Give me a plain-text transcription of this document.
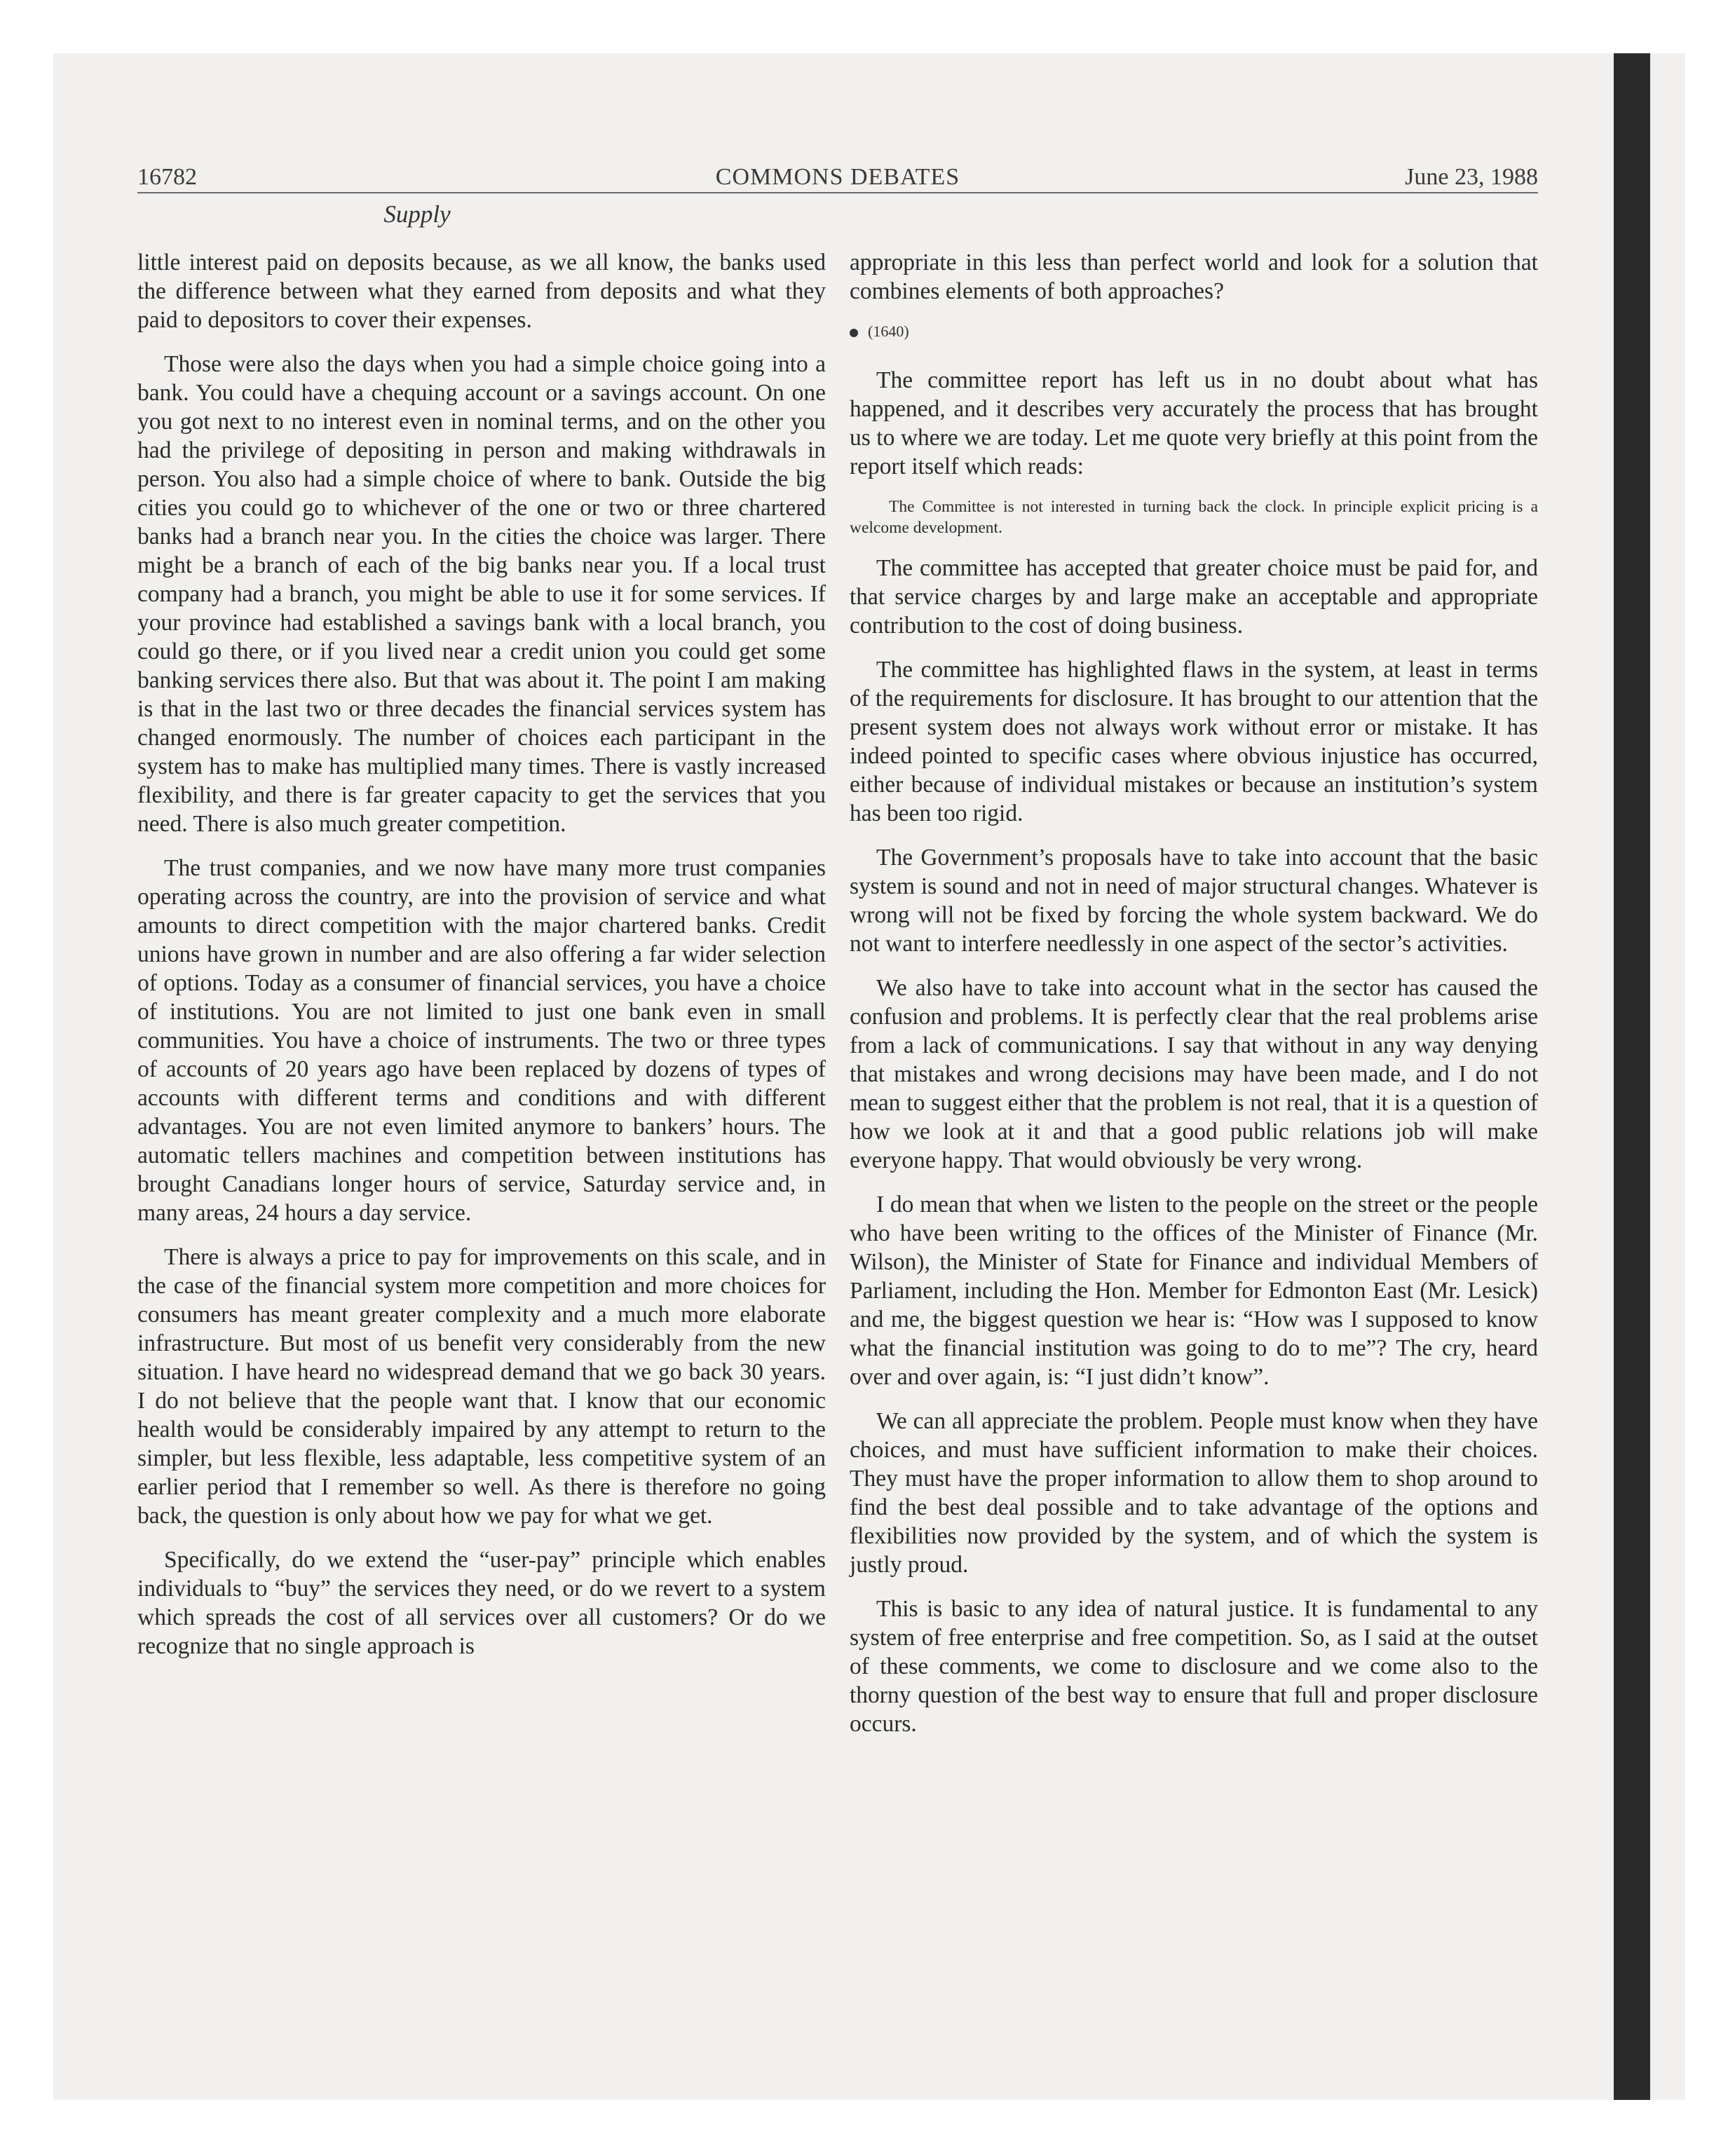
16782	COMMONS DEBATES	June 23, 1988
Supply

little interest paid on deposits because, as we all know, the banks used the difference between what they earned from deposits and what they paid to depositors to cover their expenses.

Those were also the days when you had a simple choice going into a bank. You could have a chequing account or a savings account. On one you got next to no interest even in nominal terms, and on the other you had the privilege of depositing in person and making withdrawals in person. You also had a simple choice of where to bank. Outside the big cities you could go to whichever of the one or two or three chartered banks had a branch near you. In the cities the choice was larger. There might be a branch of each of the big banks near you. If a local trust company had a branch, you might be able to use it for some services. If your province had established a savings bank with a local branch, you could go there, or if you lived near a credit union you could get some banking services there also. But that was about it. The point I am making is that in the last two or three decades the financial services system has changed enormously. The number of choices each participant in the system has to make has multiplied many times. There is vastly increased flexibility, and there is far greater capacity to get the services that you need. There is also much greater competition.

The trust companies, and we now have many more trust companies operating across the country, are into the provision of service and what amounts to direct competition with the major chartered banks. Credit unions have grown in number and are also offering a far wider selection of options. Today as a consumer of financial services, you have a choice of institutions. You are not limited to just one bank even in small communities. You have a choice of instruments. The two or three types of accounts of 20 years ago have been replaced by dozens of types of accounts with different terms and conditions and with different advantages. You are not even limited anymore to bankers’ hours. The automatic tellers machines and competition between institutions has brought Canadians longer hours of service, Saturday service and, in many areas, 24 hours a day service.

There is always a price to pay for improvements on this scale, and in the case of the financial system more competition and more choices for consumers has meant greater complexity and a much more elaborate infrastructure. But most of us benefit very considerably from the new situation. I have heard no widespread demand that we go back 30 years. I do not believe that the people want that. I know that our economic health would be considerably impaired by any attempt to return to the simpler, but less flexible, less adaptable, less competitive system of an earlier period that I remember so well. As there is therefore no going back, the question is only about how we pay for what we get.

Specifically, do we extend the “user-pay” principle which enables individuals to “buy” the services they need, or do we revert to a system which spreads the cost of all services over all customers? Or do we recognize that no single approach is

appropriate in this less than perfect world and look for a solution that combines elements of both approaches?

(1640)

The committee report has left us in no doubt about what has happened, and it describes very accurately the process that has brought us to where we are today. Let me quote very briefly at this point from the report itself which reads:

The Committee is not interested in turning back the clock. In principle explicit pricing is a welcome development.

The committee has accepted that greater choice must be paid for, and that service charges by and large make an acceptable and appropriate contribution to the cost of doing business.

The committee has highlighted flaws in the system, at least in terms of the requirements for disclosure. It has brought to our attention that the present system does not always work without error or mistake. It has indeed pointed to specific cases where obvious injustice has occurred, either because of individual mistakes or because an institution’s system has been too rigid.

The Government’s proposals have to take into account that the basic system is sound and not in need of major structural changes. Whatever is wrong will not be fixed by forcing the whole system backward. We do not want to interfere needlessly in one aspect of the sector’s activities.

We also have to take into account what in the sector has caused the confusion and problems. It is perfectly clear that the real problems arise from a lack of communications. I say that without in any way denying that mistakes and wrong decisions may have been made, and I do not mean to suggest either that the problem is not real, that it is a question of how we look at it and that a good public relations job will make everyone happy. That would obviously be very wrong.

I do mean that when we listen to the people on the street or the people who have been writing to the offices of the Minister of Finance (Mr. Wilson), the Minister of State for Finance and individual Members of Parliament, including the Hon. Member for Edmonton East (Mr. Lesick) and me, the biggest question we hear is: “How was I supposed to know what the financial institution was going to do to me”? The cry, heard over and over again, is: “I just didn’t know”.

We can all appreciate the problem. People must know when they have choices, and must have sufficient information to make their choices. They must have the proper information to allow them to shop around to find the best deal possible and to take advantage of the options and flexibilities now provided by the system, and of which the system is justly proud.

This is basic to any idea of natural justice. It is fundamental to any system of free enterprise and free competition. So, as I said at the outset of these comments, we come to disclosure and we come also to the thorny question of the best way to ensure that full and proper disclosure occurs.
